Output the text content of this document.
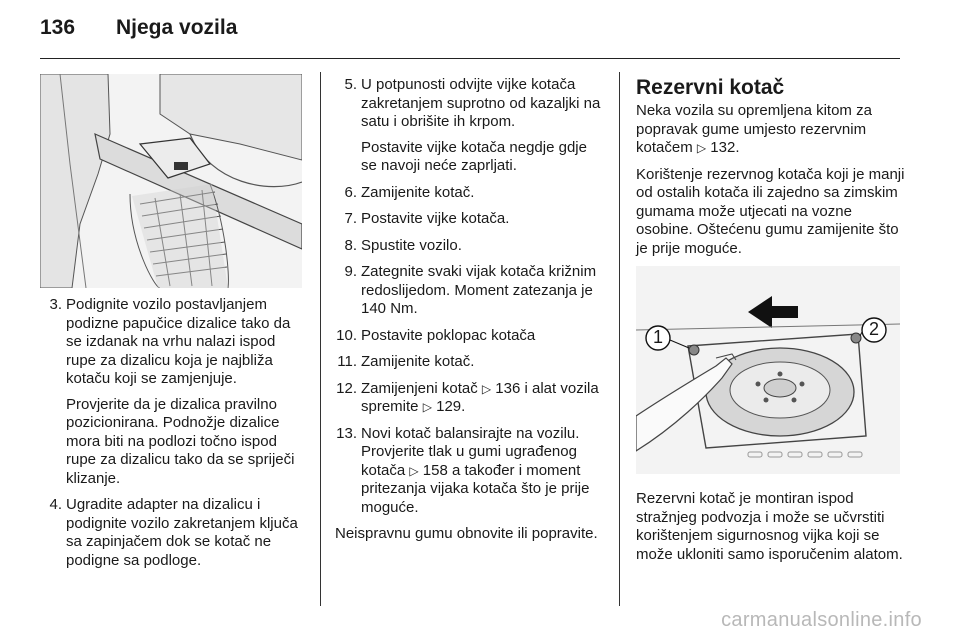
136 Njega vozila
3. Podignite vozilo postavljanjem podizne papučice dizalice tako da se izdanak na vrhu nalazi ispod rupe za dizalicu koja je najbliža kotaču koji se zamjenjuje.
Provjerite da je dizalica pravilno pozicionirana. Podnožje dizalice mora biti na podlozi točno ispod rupe za dizalicu tako da se spriječi klizanje.
4. Ugradite adapter na dizalicu i podignite vozilo zakretanjem ključa sa zapinjačem dok se kotač ne podigne sa podloge.
5. U potpunosti odvijte vijke kotača zakretanjem suprotno od kazaljki na satu i obrišite ih krpom.
Postavite vijke kotača negdje gdje se navoji neće zaprljati.
6. Zamijenite kotač.
7. Postavite vijke kotača.
8. Spustite vozilo.
9. Zategnite svaki vijak kotača križnim redoslijedom. Moment zatezanja je 140 Nm.
10. Postavite poklopac kotača
11. Zamijenite kotač.
12. Zamijenjeni kotač ▷ 136 i alat vozila spremite ▷ 129.
13. Novi kotač balansirajte na vozilu. Provjerite tlak u gumi ugrađenog kotača ▷ 158 a također i moment pritezanja vijaka kotača što je prije moguće.
Neispravnu gumu obnovite ili popravite.
Rezervni kotač
Neka vozila su opremljena kitom za popravak gume umjesto rezervnim kotačem ▷ 132.
Korištenje rezervnog kotača koji je manji od ostalih kotača ili zajedno sa zimskim gumama može utjecati na vozne osobine. Oštećenu gumu zamijenite što je prije moguće.
1	2
Rezervni kotač je montiran ispod stražnjeg podvozja i može se učvrstiti korištenjem sigurnosnog vijka koji se može ukloniti samo isporučenim alatom.
carmanualsonline.info
